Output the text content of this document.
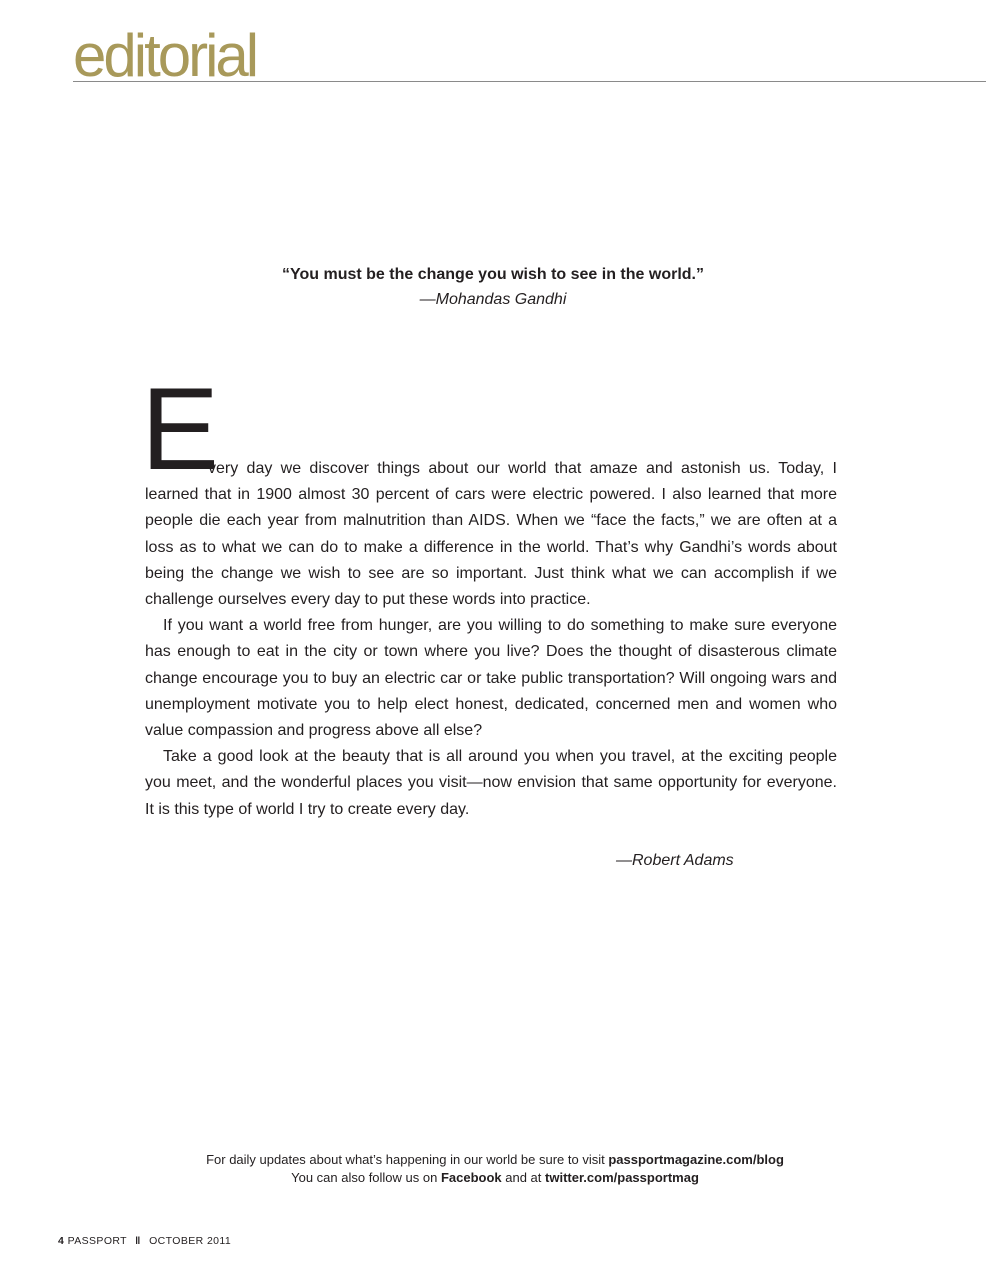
editorial
“You must be the change you wish to see in the world.”
—Mohandas Gandhi

E
very day we discover things about our world that amaze and astonish us. Today, I learned that in 1900 almost 30 percent of cars were electric powered. I also learned that more people die each year from malnutrition than AIDS. When we “face the facts,” we are often at a loss as to what we can do to make a difference in the world. That’s why Gandhi’s words about being the change we wish to see are so important. Just think what we can accomplish if we challenge ourselves every day to put these words into practice.

If you want a world free from hunger, are you willing to do something to make sure everyone has enough to eat in the city or town where you live? Does the thought of disasterous climate change encourage you to buy an electric car or take public transportation? Will ongoing wars and unemployment motivate you to help elect honest, dedicated, concerned men and women who value compassion and progress above all else?

Take a good look at the beauty that is all around you when you travel, at the exciting people you meet, and the wonderful places you visit—now envision that same opportunity for everyone. It is this type of world I try to create every day.

—Robert Adams
For daily updates about what’s happening in our world be sure to visit passportmagazine.com/blog
You can also follow us on Facebook and at twitter.com/passportmag
4 PASSPORT ‖ OCTOBER 2011
